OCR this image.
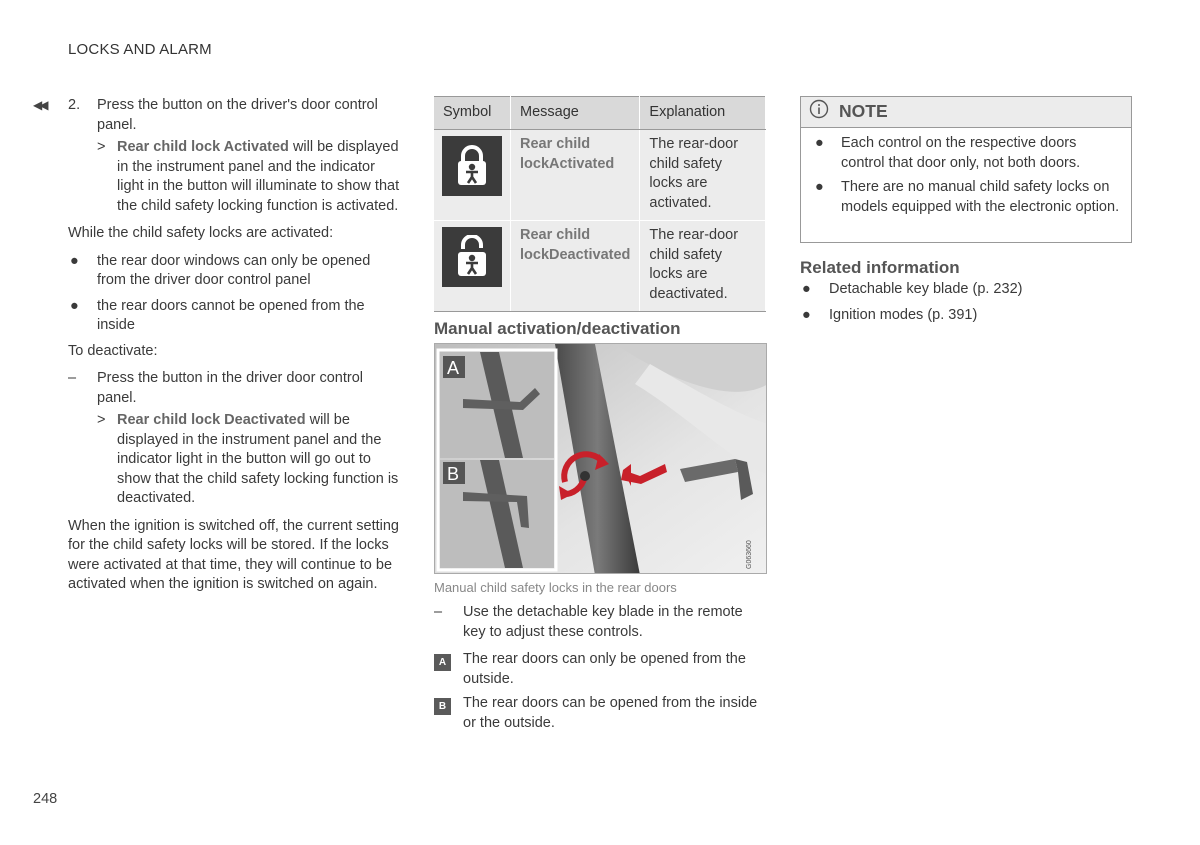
LOCKS AND ALARM
◀◀ 2. Press the button on the driver's door control panel.
> Rear child lock Activated will be displayed in the instrument panel and the indicator light in the button will illuminate to show that the child safety locking function is activated.

While the child safety locks are activated:

● the rear door windows can only be opened from the driver door control panel
● the rear doors cannot be opened from the inside

To deactivate:

– Press the button in the driver door control panel.
> Rear child lock Deactivated will be displayed in the instrument panel and the indicator light in the button will go out to show that the child safety locking function is deactivated.

When the ignition is switched off, the current setting for the child safety locks will be stored. If the locks were activated at that time, they will continue to be activated when the ignition is switched on again.

Symbol	Message	Explanation

	Rear child lockActivated	The rear-door child safety locks are activated.

	Rear child lockDeactivated	The rear-door child safety locks are deactivated.
Manual activation/deactivation
A
B
G063660
Manual child safety locks in the rear doors
– Use the detachable key blade in the remote key to adjust these controls.
A	The rear doors can only be opened from the outside.
B	The rear doors can be opened from the inside or the outside.
NOTE
● Each control on the respective doors control that door only, not both doors.
● There are no manual child safety locks on models equipped with the electronic option.
Related information
● Detachable key blade (p. 232)
● Ignition modes (p. 391)
248
